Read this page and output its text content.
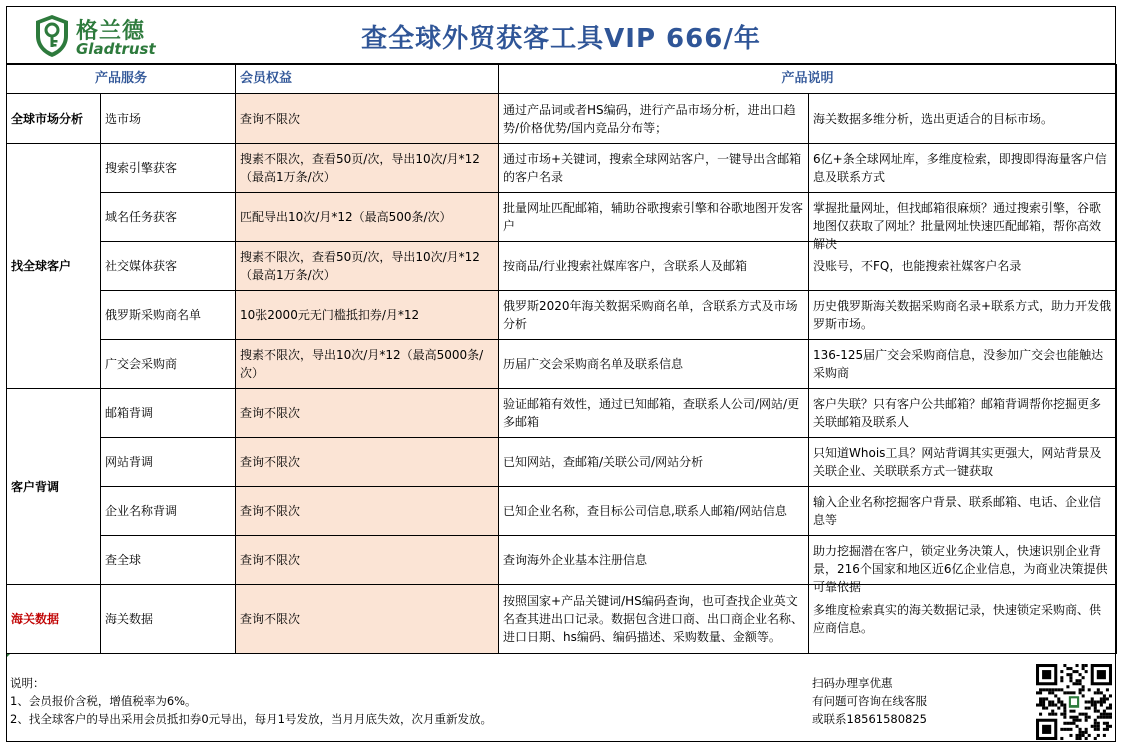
格兰德
Gladtrust	查全球外贸获客工具VIP 666/年
产品服务		会员权益	产品说明	
全球市场分析	选市场	查询不限次	通过产品词或者HS编码，进行产品市场分析，进出口趋势/价格优势/国内竞品分布等；	海关数据多维分析，选出更适合的目标市场。

找全球客户	搜索引擎获客	搜素不限次，查看50页/次，导出10次/月*12（最高1万条/次）	通过市场+关键词，搜索全球网站客户，一键导出含邮箱的客户名录	6亿+条全球网址库，多维度检索，即搜即得海量客户信息及联系方式

	域名任务获客	匹配导出10次/月*12（最高500条/次）	批量网址匹配邮箱，辅助谷歌搜索引擎和谷歌地图开发客户	掌握批量网址，但找邮箱很麻烦？通过搜索引擎，谷歌地图仅获取了网址？批量网址快速匹配邮箱，帮你高效解决

	社交媒体获客	搜素不限次，查看50页/次，导出10次/月*12（最高1万条/次）	按商品/行业搜索社媒库客户，含联系人及邮箱	没账号，不FQ，也能搜索社媒客户名录
	俄罗斯采购商名单	10张2000元无门槛抵扣券/月*12	俄罗斯2020年海关数据采购商名单，含联系方式及市场分析	历史俄罗斯海关数据采购商名录+联系方式，助力开发俄罗斯市场。

	广交会采购商	搜素不限次，导出10次/月*12（最高5000条/次）	历届广交会采购商名单及联系信息	136-125届广交会采购商信息，没参加广交会也能触达采购商

客户背调	邮箱背调	查询不限次	验证邮箱有效性，通过已知邮箱，查联系人公司/网站/更多邮箱	客户失联？只有客户公共邮箱？邮箱背调帮你挖掘更多关联邮箱及联系人

	网站背调	查询不限次	已知网站，查邮箱/关联公司/网站分析	只知道Whois工具？网站背调其实更强大，网站背景及关联企业、关联联系方式一键获取

	企业名称背调	查询不限次	已知企业名称，查目标公司信息,联系人邮箱/网站信息	输入企业名称挖掘客户背景、联系邮箱、电话、企业信息等

	查全球	查询不限次	查询海外企业基本注册信息	助力挖掘潜在客户，锁定业务决策人，快速识别企业背景，216个国家和地区近6亿企业信息，为商业决策提供可靠依据

海关数据	海关数据	查询不限次	按照国家+产品关键词/HS编码查询，也可查找企业英文名查其进出口记录。数据包含进口商、出口商企业名称、进口日期、hs编码、编码描述、采购数量、金额等。	多维度检索真实的海关数据记录，快速锁定采购商、供应商信息。
说明：
1、会员报价含税，增值税率为6%。
2、找全球客户的导出采用会员抵扣券0元导出，每月1号发放，当月月底失效，次月重新发放。
扫码办理享优惠
有问题可咨询在线客服
或联系18561580825
